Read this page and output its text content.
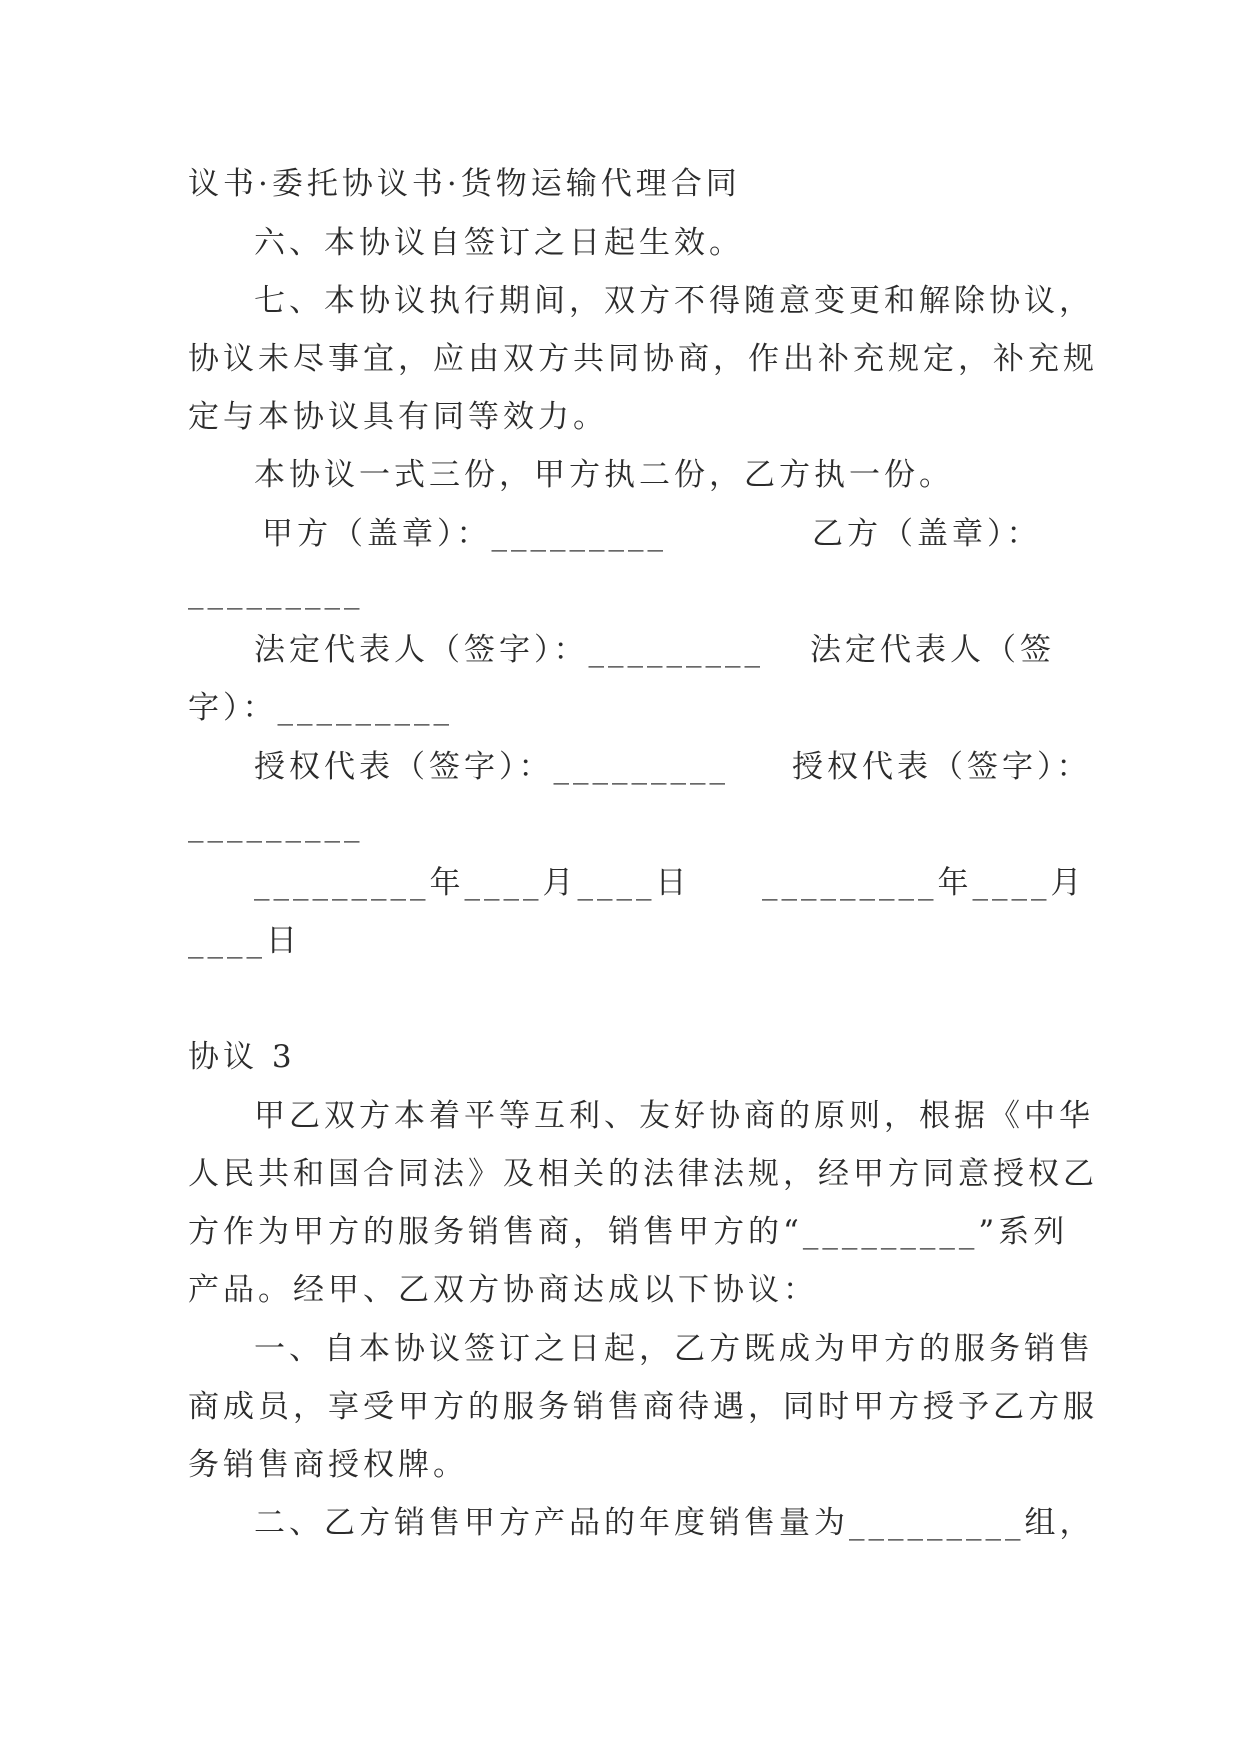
议书·委托协议书·货物运输代理合同
六、本协议自签订之日起生效。
七、本协议执行期间，双方不得随意变更和解除协议，
协议未尽事宜，应由双方共同协商，作出补充规定，补充规
定与本协议具有同等效力。
本协议一式三份，甲方执二份，乙方执一份。
甲方（盖章）：_________	乙方（盖章）：
_________
法定代表人（签字）：_________ 法定代表人（签
字）：_________
授权代表（签字）：_________ 授权代表（签字）：
_________
_________年____月____日 _________年____月
____日
协议 3
甲乙双方本着平等互利、友好协商的原则，根据《中华
人民共和国合同法》及相关的法律法规，经甲方同意授权乙
方作为甲方的服务销售商，销售甲方的“_________”系列
产品。经甲、乙双方协商达成以下协议：
一、自本协议签订之日起，乙方既成为甲方的服务销售
商成员，享受甲方的服务销售商待遇，同时甲方授予乙方服
务销售商授权牌。
二、乙方销售甲方产品的年度销售量为_________组，
